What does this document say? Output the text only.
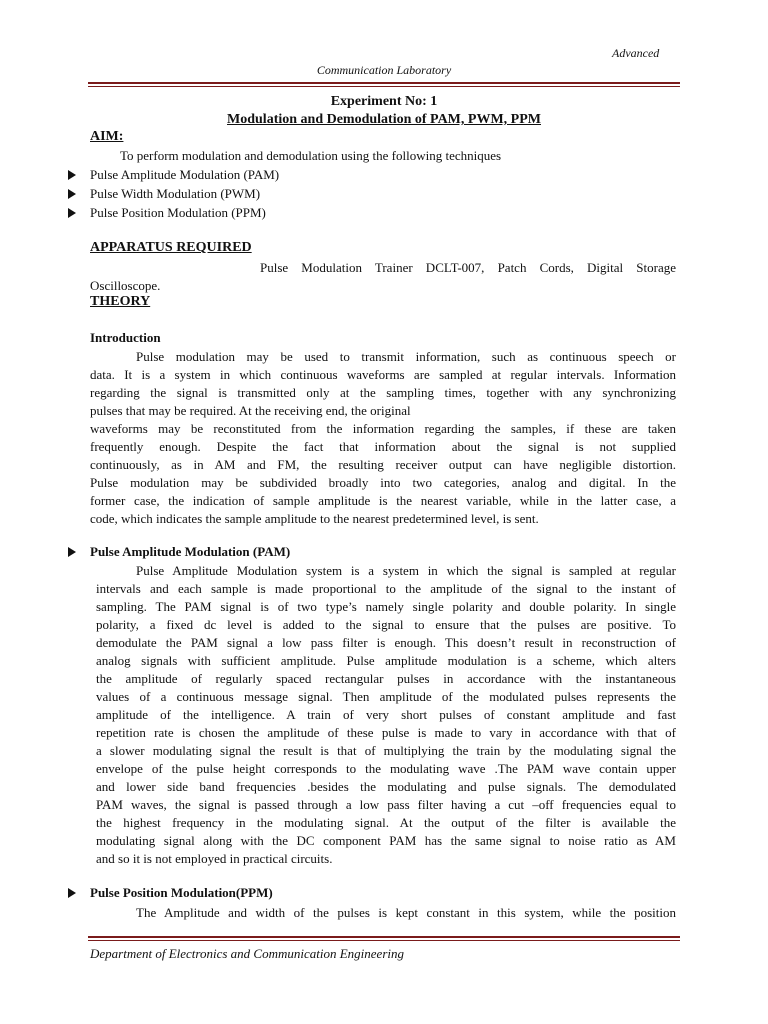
Advanced
Communication Laboratory
Experiment No: 1
Modulation and Demodulation of PAM, PWM, PPM
AIM:
To perform modulation and demodulation using the following techniques
Pulse Amplitude Modulation (PAM)
Pulse Width Modulation (PWM)
Pulse Position Modulation (PPM)
APPARATUS REQUIRED
Pulse Modulation Trainer DCLT-007, Patch Cords, Digital Storage
Oscilloscope.
THEORY
Introduction
Pulse modulation may be used to transmit information, such as continuous speech or
data. It is a system in which continuous waveforms are sampled at regular intervals. Information
regarding the signal is transmitted only at the sampling times, together with any synchronizing
pulses that may be required. At the receiving end, the original
waveforms may be reconstituted from the information regarding the samples, if these are taken
frequently enough. Despite the fact that information about the signal is not supplied
continuously, as in AM and FM, the resulting receiver output can have negligible distortion.
Pulse modulation may be subdivided broadly into two categories, analog and digital. In the
former case, the indication of sample amplitude is the nearest variable, while in the latter case, a
code, which indicates the sample amplitude to the nearest predetermined level, is sent.
Pulse Amplitude Modulation (PAM)
Pulse Amplitude Modulation system is a system in which the signal is sampled at regular
intervals and each sample is made proportional to the amplitude of the signal to the instant of
sampling. The PAM signal is of two type’s namely single polarity and double polarity. In single
polarity, a fixed dc level is added to the signal to ensure that the pulses are positive. To
demodulate the PAM signal a low pass filter is enough. This doesn’t result in reconstruction of
analog signals with sufficient amplitude. Pulse amplitude modulation is a scheme, which alters
the amplitude of regularly spaced rectangular pulses in accordance with the instantaneous
values of a continuous message signal. Then amplitude of the modulated pulses represents the
amplitude of the intelligence. A train of very short pulses of constant amplitude and fast
repetition rate is chosen the amplitude of these pulse is made to vary in accordance with that of
a slower modulating signal the result is that of multiplying the train by the modulating signal the
envelope of the pulse height corresponds to the modulating wave .The PAM wave contain upper
and lower side band frequencies .besides the modulating and pulse signals. The demodulated
PAM waves, the signal is passed through a low pass filter having a cut –off frequencies equal to
the highest frequency in the modulating signal. At the output of the filter is available the
modulating signal along with the DC component PAM has the same signal to noise ratio as AM
and so it is not employed in practical circuits.
Pulse Position Modulation(PPM)
The Amplitude and width of the pulses is kept constant in this system, while the position
Department of Electronics and Communication Engineering
